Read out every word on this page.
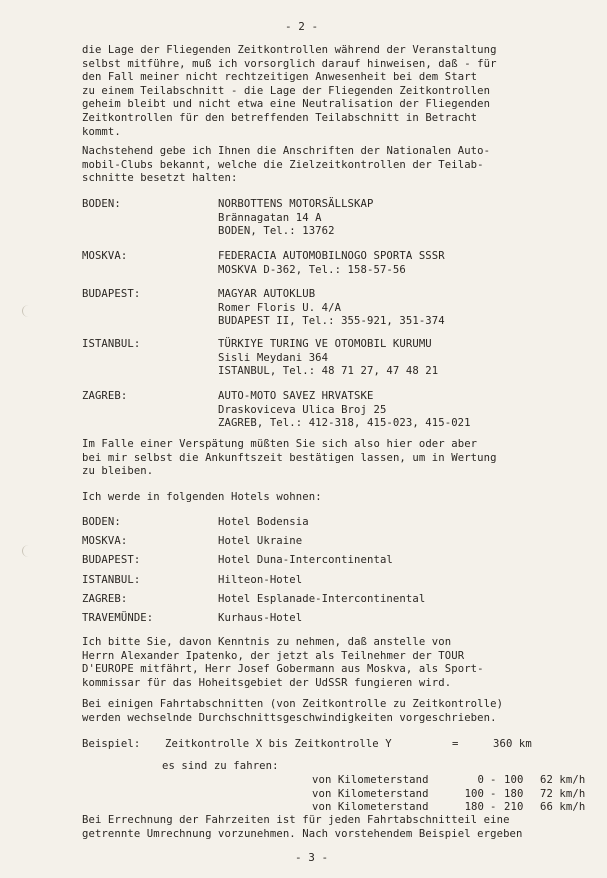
- 2 -
die Lage der Fliegenden Zeitkontrollen während der Veranstaltung
selbst mitführe, muß ich vorsorglich darauf hinweisen, daß - für
den Fall meiner nicht rechtzeitigen Anwesenheit bei dem Start
zu einem Teilabschnitt - die Lage der Fliegenden Zeitkontrollen
geheim bleibt und nicht etwa eine Neutralisation der Fliegenden
Zeitkontrollen für den betreffenden Teilabschnitt in Betracht
kommt.
Nachstehend gebe ich Ihnen die Anschriften der Nationalen Auto-
mobil-Clubs bekannt, welche die Zielzeitkontrollen der Teilab-
schnitte besetzt halten:
BODEN:	NORBOTTENS MOTORSÄLLSKAP
Brännagatan 14 A
BODEN, Tel.: 13762
MOSKVA:	FEDERACIA AUTOMOBILNOGO SPORTA SSSR
MOSKVA D-362, Tel.: 158-57-56
BUDAPEST:	MAGYAR AUTOKLUB
Romer Floris U. 4/A
BUDAPEST II, Tel.: 355-921, 351-374
ISTANBUL:	TÜRKIYE TURING VE OTOMOBIL KURUMU
Sisli Meydani 364
ISTANBUL, Tel.: 48 71 27, 47 48 21
ZAGREB:	AUTO-MOTO SAVEZ HRVATSKE
Draskoviceva Ulica Broj 25
ZAGREB, Tel.: 412-318, 415-023, 415-021
Im Falle einer Verspätung müßten Sie sich also hier oder aber
bei mir selbst die Ankunftszeit bestätigen lassen, um in Wertung
zu bleiben.
Ich werde in folgenden Hotels wohnen:
BODEN:	Hotel Bodensia
MOSKVA:	Hotel Ukraine
BUDAPEST:	Hotel Duna-Intercontinental
ISTANBUL:	Hilteon-Hotel
ZAGREB:	Hotel Esplanade-Intercontinental
TRAVEMÜNDE:	Kurhaus-Hotel
Ich bitte Sie, davon Kenntnis zu nehmen, daß anstelle von
Herrn Alexander Ipatenko, der jetzt als Teilnehmer der TOUR
D'EUROPE mitfährt, Herr Josef Gobermann aus Moskva, als Sport-
kommissar für das Hoheitsgebiet der UdSSR fungieren wird.
Bei einigen Fahrtabschnitten (von Zeitkontrolle zu Zeitkontrolle)
werden wechselnde Durchschnittsgeschwindigkeiten vorgeschrieben.
Beispiel: Zeitkontrolle X bis Zeitkontrolle Y	=	360 km
es sind zu fahren:
von Kilometerstand	0 - 100 62 km/h
von Kilometerstand	100 - 180 72 km/h
von Kilometerstand	180 - 210 66 km/h
Bei Errechnung der Fahrzeiten ist für jeden Fahrtabschnitteil eine
getrennte Umrechnung vorzunehmen. Nach vorstehendem Beispiel ergeben
- 3 -
